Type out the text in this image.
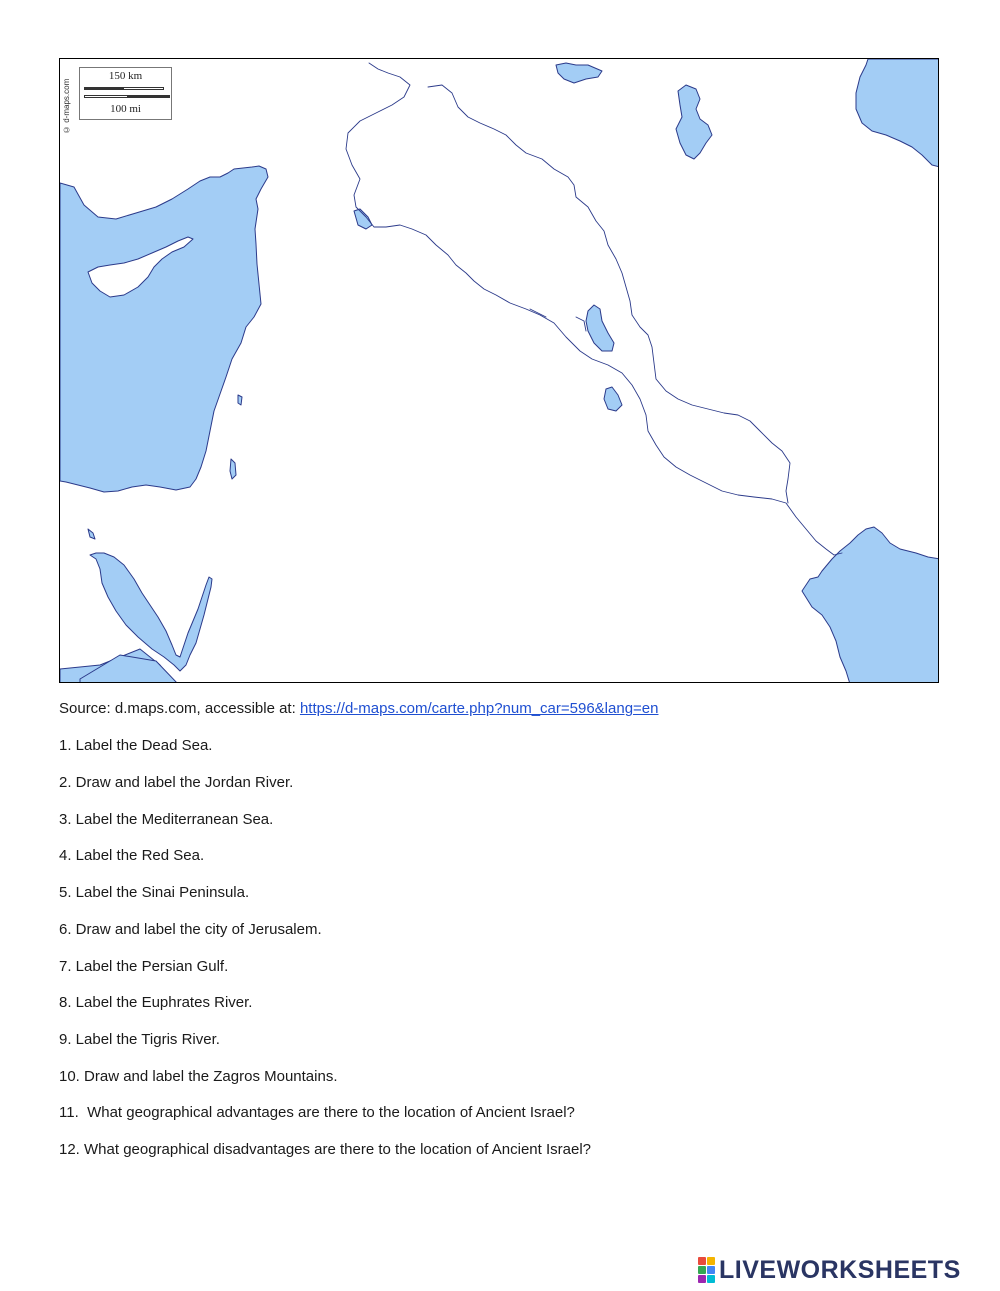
© d-maps.com
150 km
100 mi
Source: d.maps.com, accessible at: https://d-maps.com/carte.php?num_car=596&lang=en
1. Label the Dead Sea.
2. Draw and label the Jordan River.
3. Label the Mediterranean Sea.
4. Label the Red Sea.
5. Label the Sinai Peninsula.
6. Draw and label the city of Jerusalem.
7. Label the Persian Gulf.
8. Label the Euphrates River.
9. Label the Tigris River.
10. Draw and label the Zagros Mountains.
11.  What geographical advantages are there to the location of Ancient Israel?
12. What geographical disadvantages are there to the location of Ancient Israel?
LIVEWORKSHEETS
